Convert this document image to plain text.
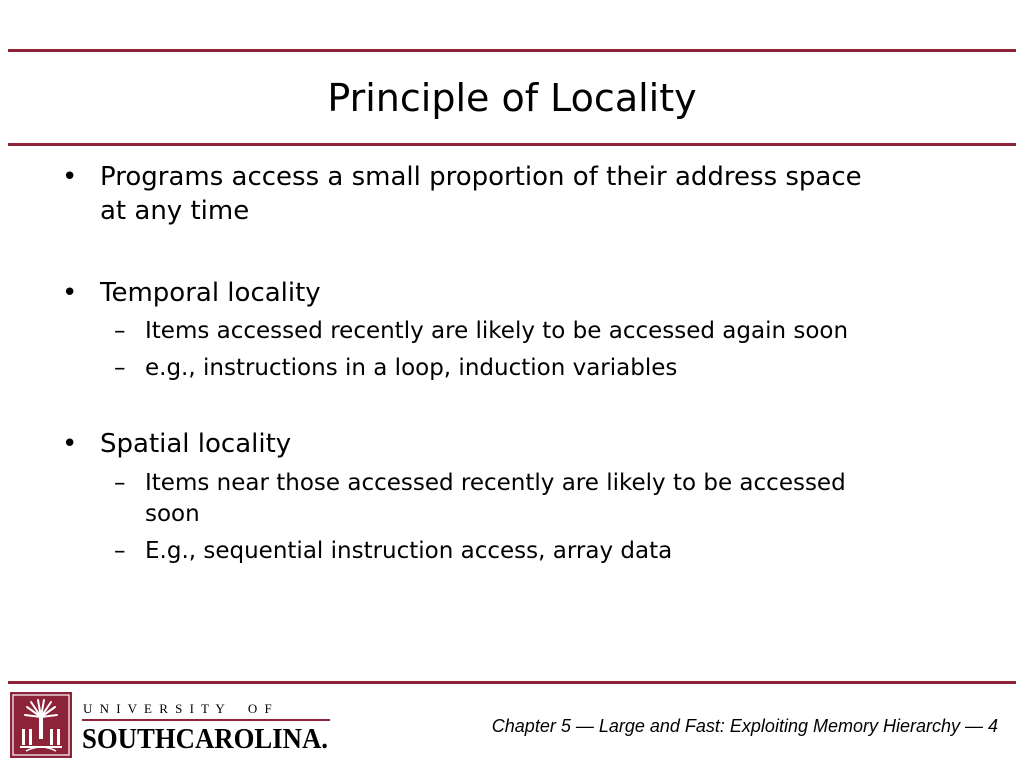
Principle of Locality
• Programs access a small proportion of their address space
at any time
• Temporal locality
– Items accessed recently are likely to be accessed again soon
– e.g., instructions in a loop, induction variables
• Spatial locality
– Items near those accessed recently are likely to be accessed
soon
– E.g., sequential instruction access, array data
U N I V E R S I T Y    O F
SOUTHCAROLINA.	Chapter 5 — Large and Fast: Exploiting Memory Hierarchy — 4
